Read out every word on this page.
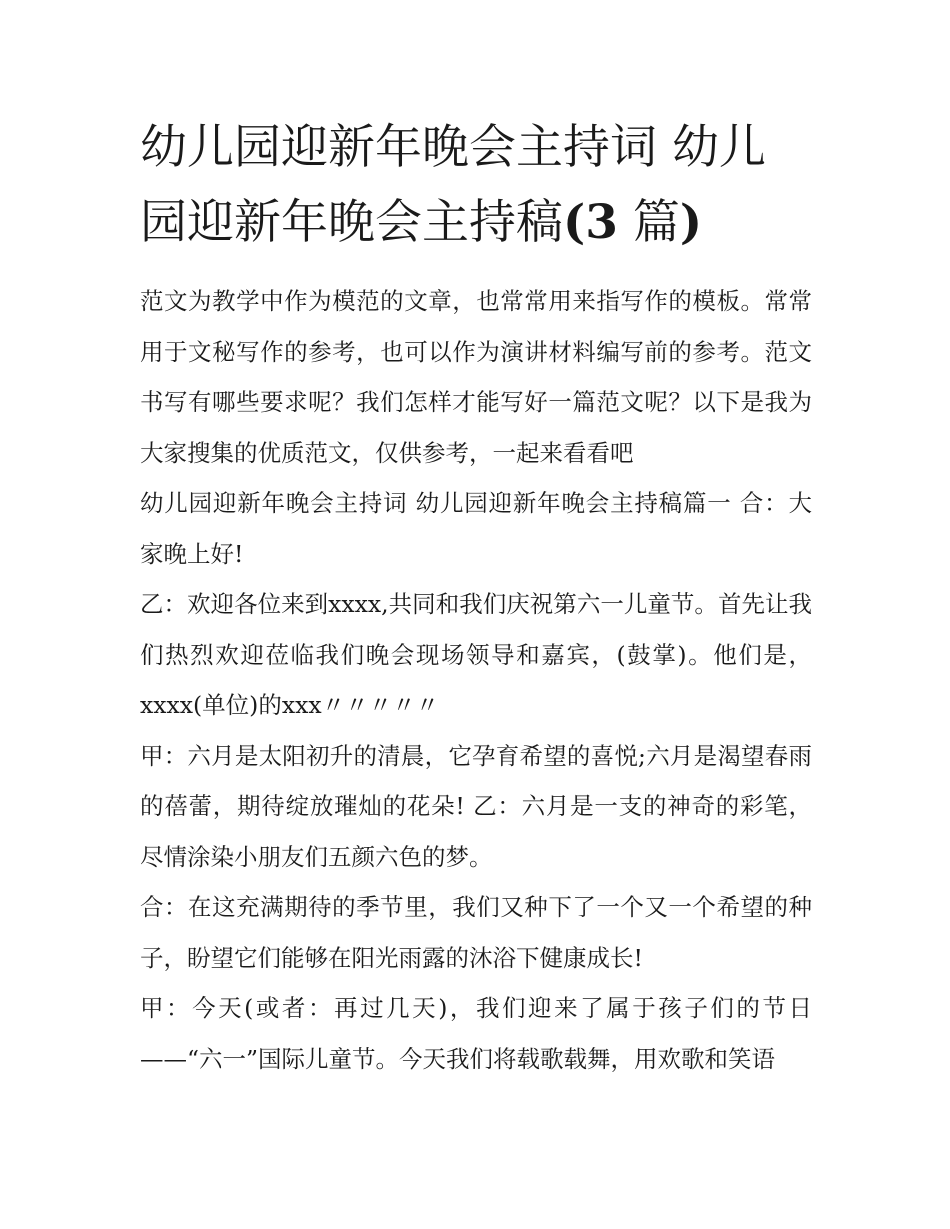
幼儿园迎新年晚会主持词 幼儿园迎新年晚会主持稿(3 篇)

范文为教学中作为模范的文章，也常常用来指写作的模板。常常用于文秘写作的参考，也可以作为演讲材料编写前的参考。范文书写有哪些要求呢？我们怎样才能写好一篇范文呢？以下是我为大家搜集的优质范文，仅供参考，一起来看看吧

幼儿园迎新年晚会主持词 幼儿园迎新年晚会主持稿篇一 合：大家晚上好!

乙：欢迎各位来到xxxx,共同和我们庆祝第六一儿童节。首先让我们热烈欢迎莅临我们晚会现场领导和嘉宾，(鼓掌)。他们是，xxxx(单位)的xxx〃〃〃〃〃

甲：六月是太阳初升的清晨，它孕育希望的喜悦;六月是渴望春雨的蓓蕾，期待绽放璀灿的花朵! 乙：六月是一支的神奇的彩笔，尽情涂染小朋友们五颜六色的梦。

合：在这充满期待的季节里，我们又种下了一个又一个希望的种子，盼望它们能够在阳光雨露的沐浴下健康成长!

甲：今天(或者：再过几天)，我们迎来了属于孩子们的节日——“六一”国际儿童节。今天我们将载歌载舞，用欢歌和笑语
